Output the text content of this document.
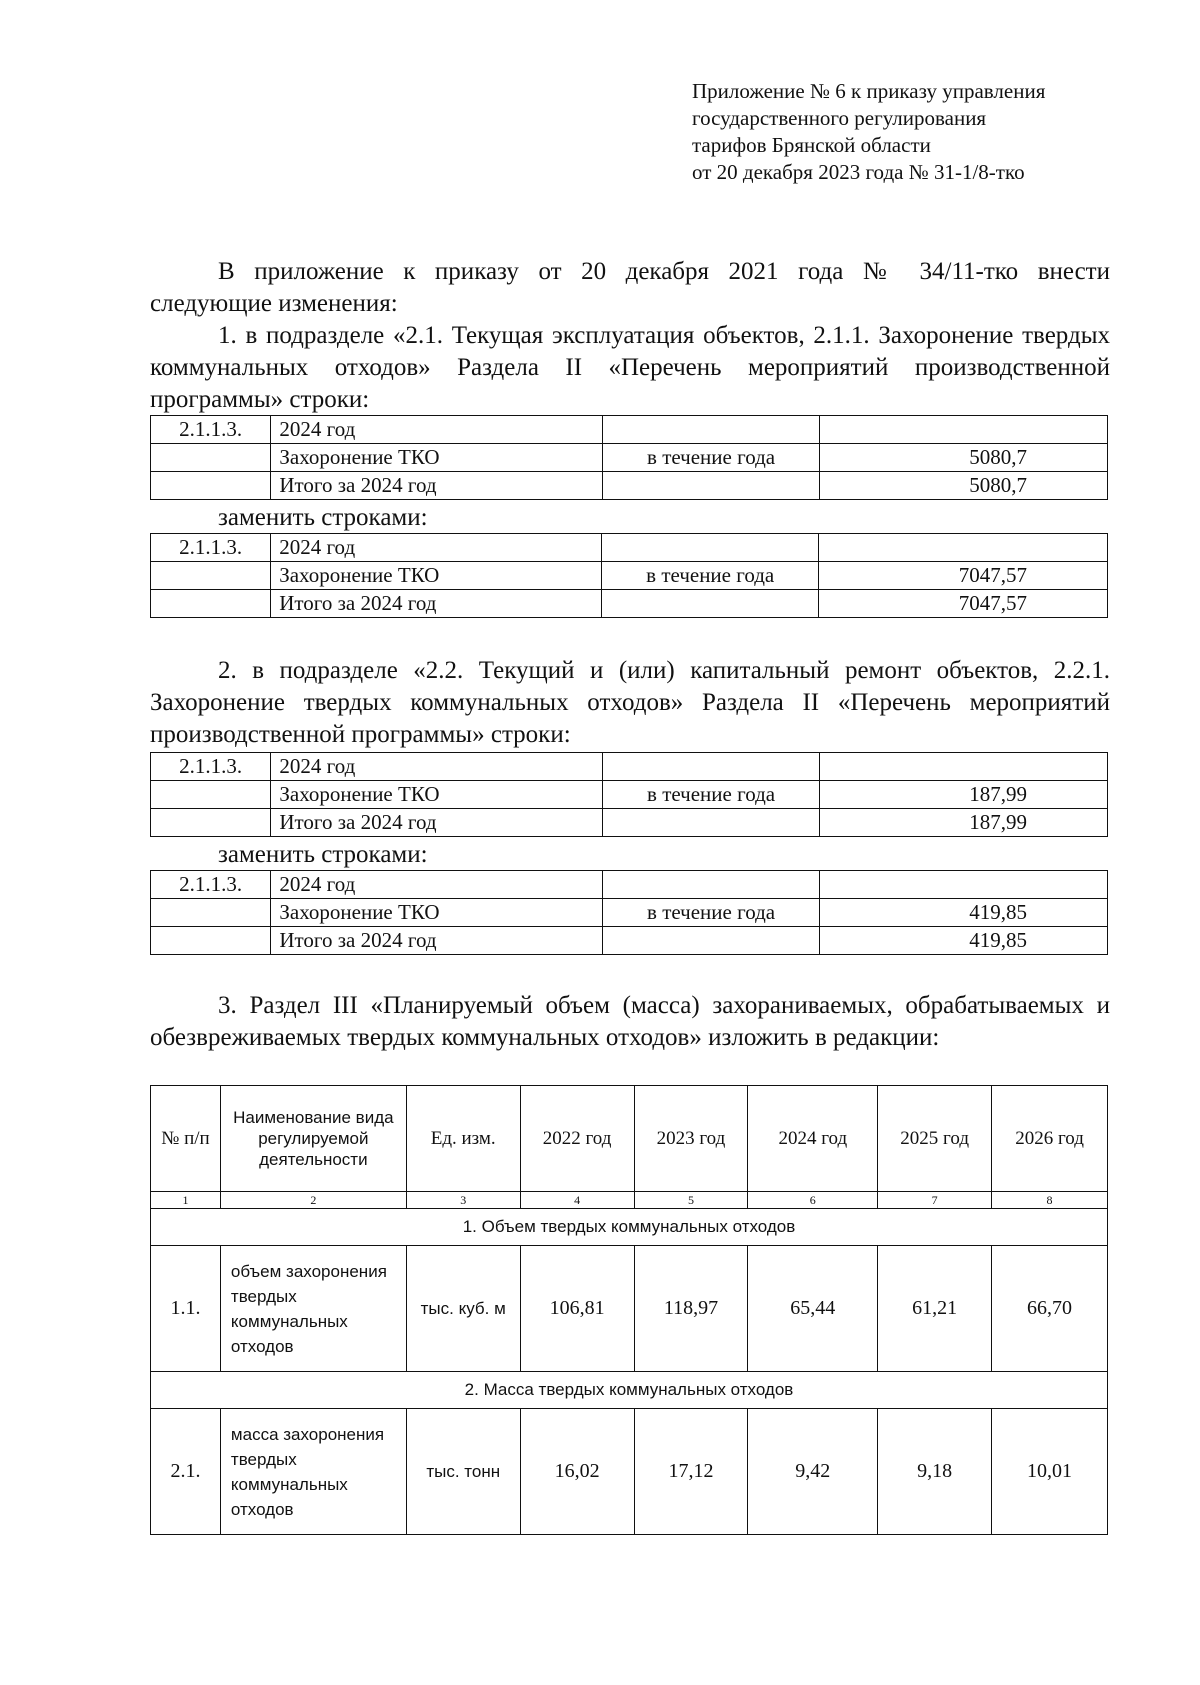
Приложение № 6 к приказу управления
государственного регулирования
тарифов Брянской области
от 20 декабря 2023 года № 31-1/8-тко
В приложение к приказу от 20 декабря 2021 года № 34/11-тко внести
следующие изменения:
1. в подразделе «2.1. Текущая эксплуатация объектов, 2.1.1. Захоронение твердых коммунальных отходов» Раздела II «Перечень мероприятий производственной программы» строки:
2.1.1.3.	2024 год		
	Захоронение ТКО	в течение года	5080,7
	Итого за 2024 год		5080,7
заменить строками:
2.1.1.3.	2024 год		
	Захоронение ТКО	в течение года	7047,57
	Итого за 2024 год		7047,57
2. в подразделе «2.2. Текущий и (или) капитальный ремонт объектов, 2.2.1. Захоронение твердых коммунальных отходов» Раздела II «Перечень мероприятий производственной программы» строки:
2.1.1.3.	2024 год		
	Захоронение ТКО	в течение года	187,99
	Итого за 2024 год		187,99
заменить строками:
2.1.1.3.	2024 год		
	Захоронение ТКО	в течение года	419,85
	Итого за 2024 год		419,85
3. Раздел III «Планируемый объем (масса) захораниваемых, обрабатываемых и обезвреживаемых твердых коммунальных отходов» изложить в редакции:
№ п/п	Наименование вида регулируемой деятельности	Ед. изм.	2022 год	2023 год	2024 год	2025 год	2026 год
1	2	3	4	5	6	7	8
1. Объем твердых коммунальных отходов							
1.1.	объем захоронения твердых коммунальных отходов	тыс. куб. м	106,81	118,97	65,44	61,21	66,70
2. Масса твердых коммунальных отходов							
2.1.	масса захоронения твердых коммунальных отходов	тыс. тонн	16,02	17,12	9,42	9,18	10,01
